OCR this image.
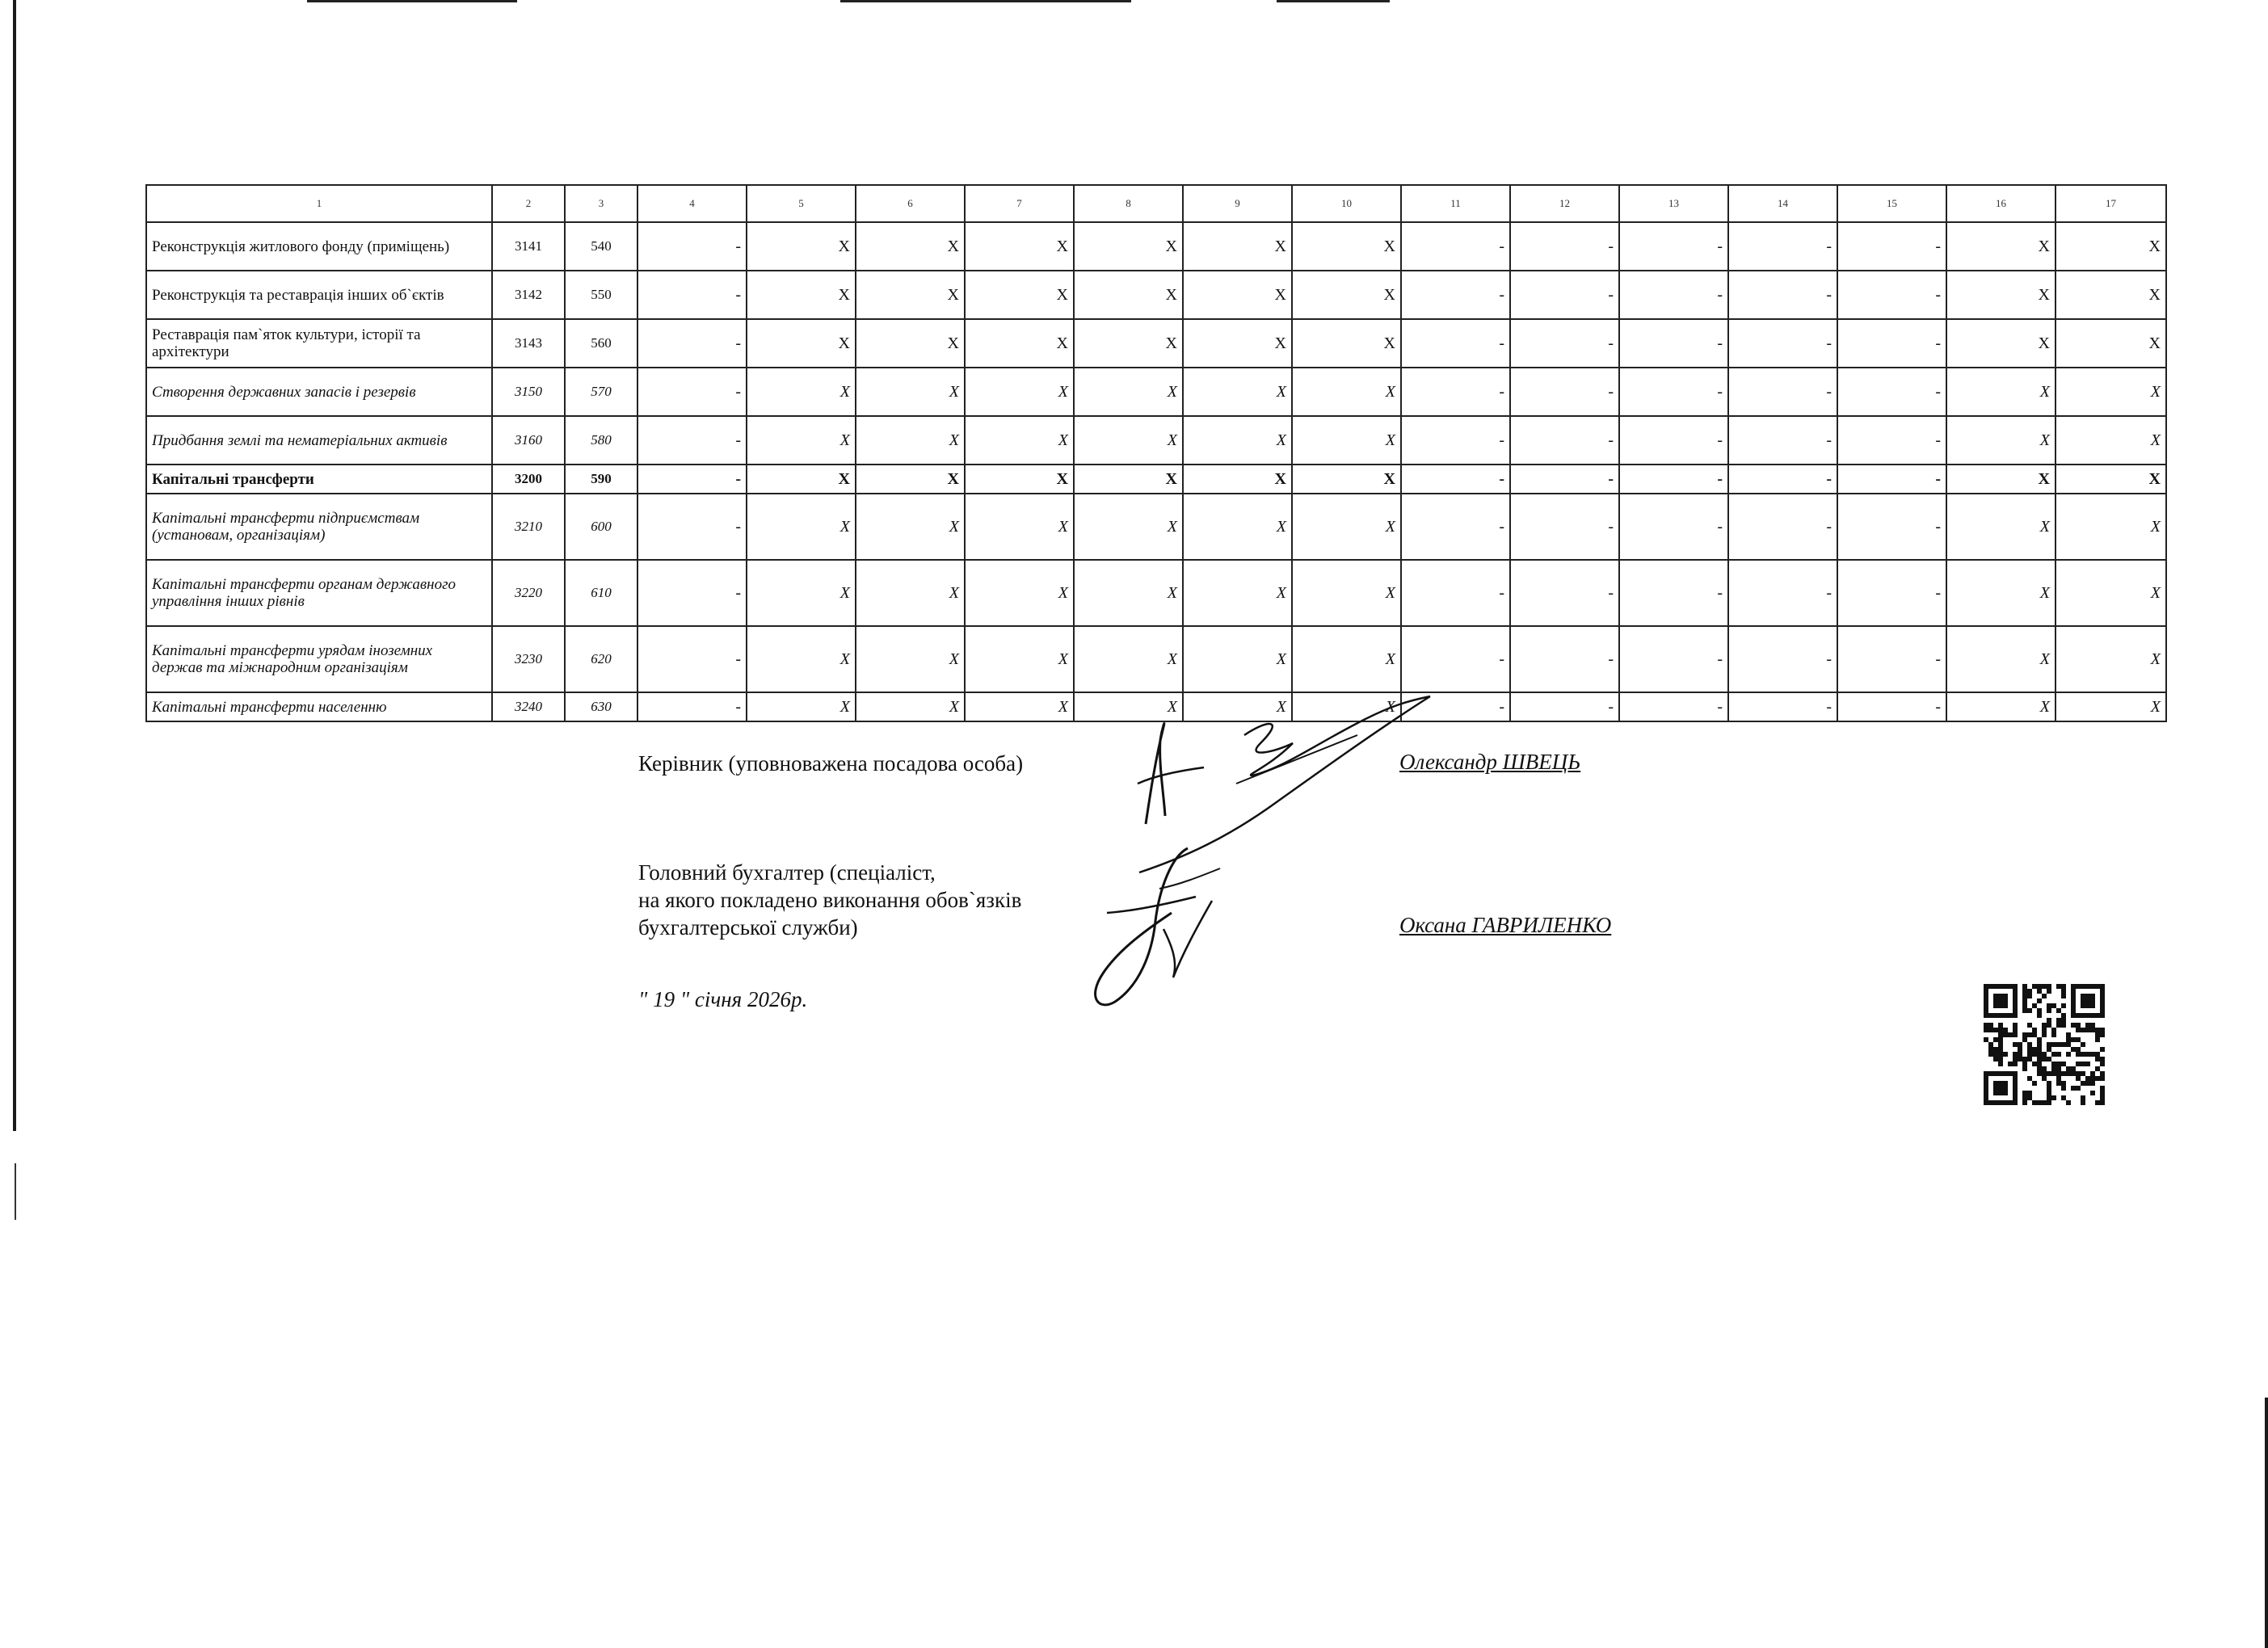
1	2	3	4	5	6	7	8	9	10	11	12	13	14	15	16	17
Реконструкція житлового фонду (приміщень)	3141	540	-	X	X	X	X	X	X	-	-	-	-	-	X	X
Реконструкція та реставрація інших об`єктів	3142	550	-	X	X	X	X	X	X	-	-	-	-	-	X	X
Реставрація пам`яток культури, історії та архітектури	3143	560	-	X	X	X	X	X	X	-	-	-	-	-	X	X
Створення державних запасів і резервів	3150	570	-	X	X	X	X	X	X	-	-	-	-	-	X	X
Придбання землі та нематеріальних активів	3160	580	-	X	X	X	X	X	X	-	-	-	-	-	X	X
Капітальні трансферти	3200	590	-	X	X	X	X	X	X	-	-	-	-	-	X	X
Капітальні трансферти підприємствам (установам, організаціям)	3210	600	-	X	X	X	X	X	X	-	-	-	-	-	X	X
Капітальні трансферти органам державного управління інших рівнів	3220	610	-	X	X	X	X	X	X	-	-	-	-	-	X	X
Капітальні трансферти урядам іноземних держав та міжнародним організаціям	3230	620	-	X	X	X	X	X	X	-	-	-	-	-	X	X
Капітальні трансферти населенню	3240	630	-	X	X	X	X	X	X	-	-	-	-	-	X	X
Керівник (уповноважена посадова особа)	Олександр ШВЕЦЬ
Головний бухгалтер (спеціаліст,
на якого покладено виконання обов`язків
бухгалтерської служби)	Оксана ГАВРИЛЕНКО
" 19 " січня 2026р.
